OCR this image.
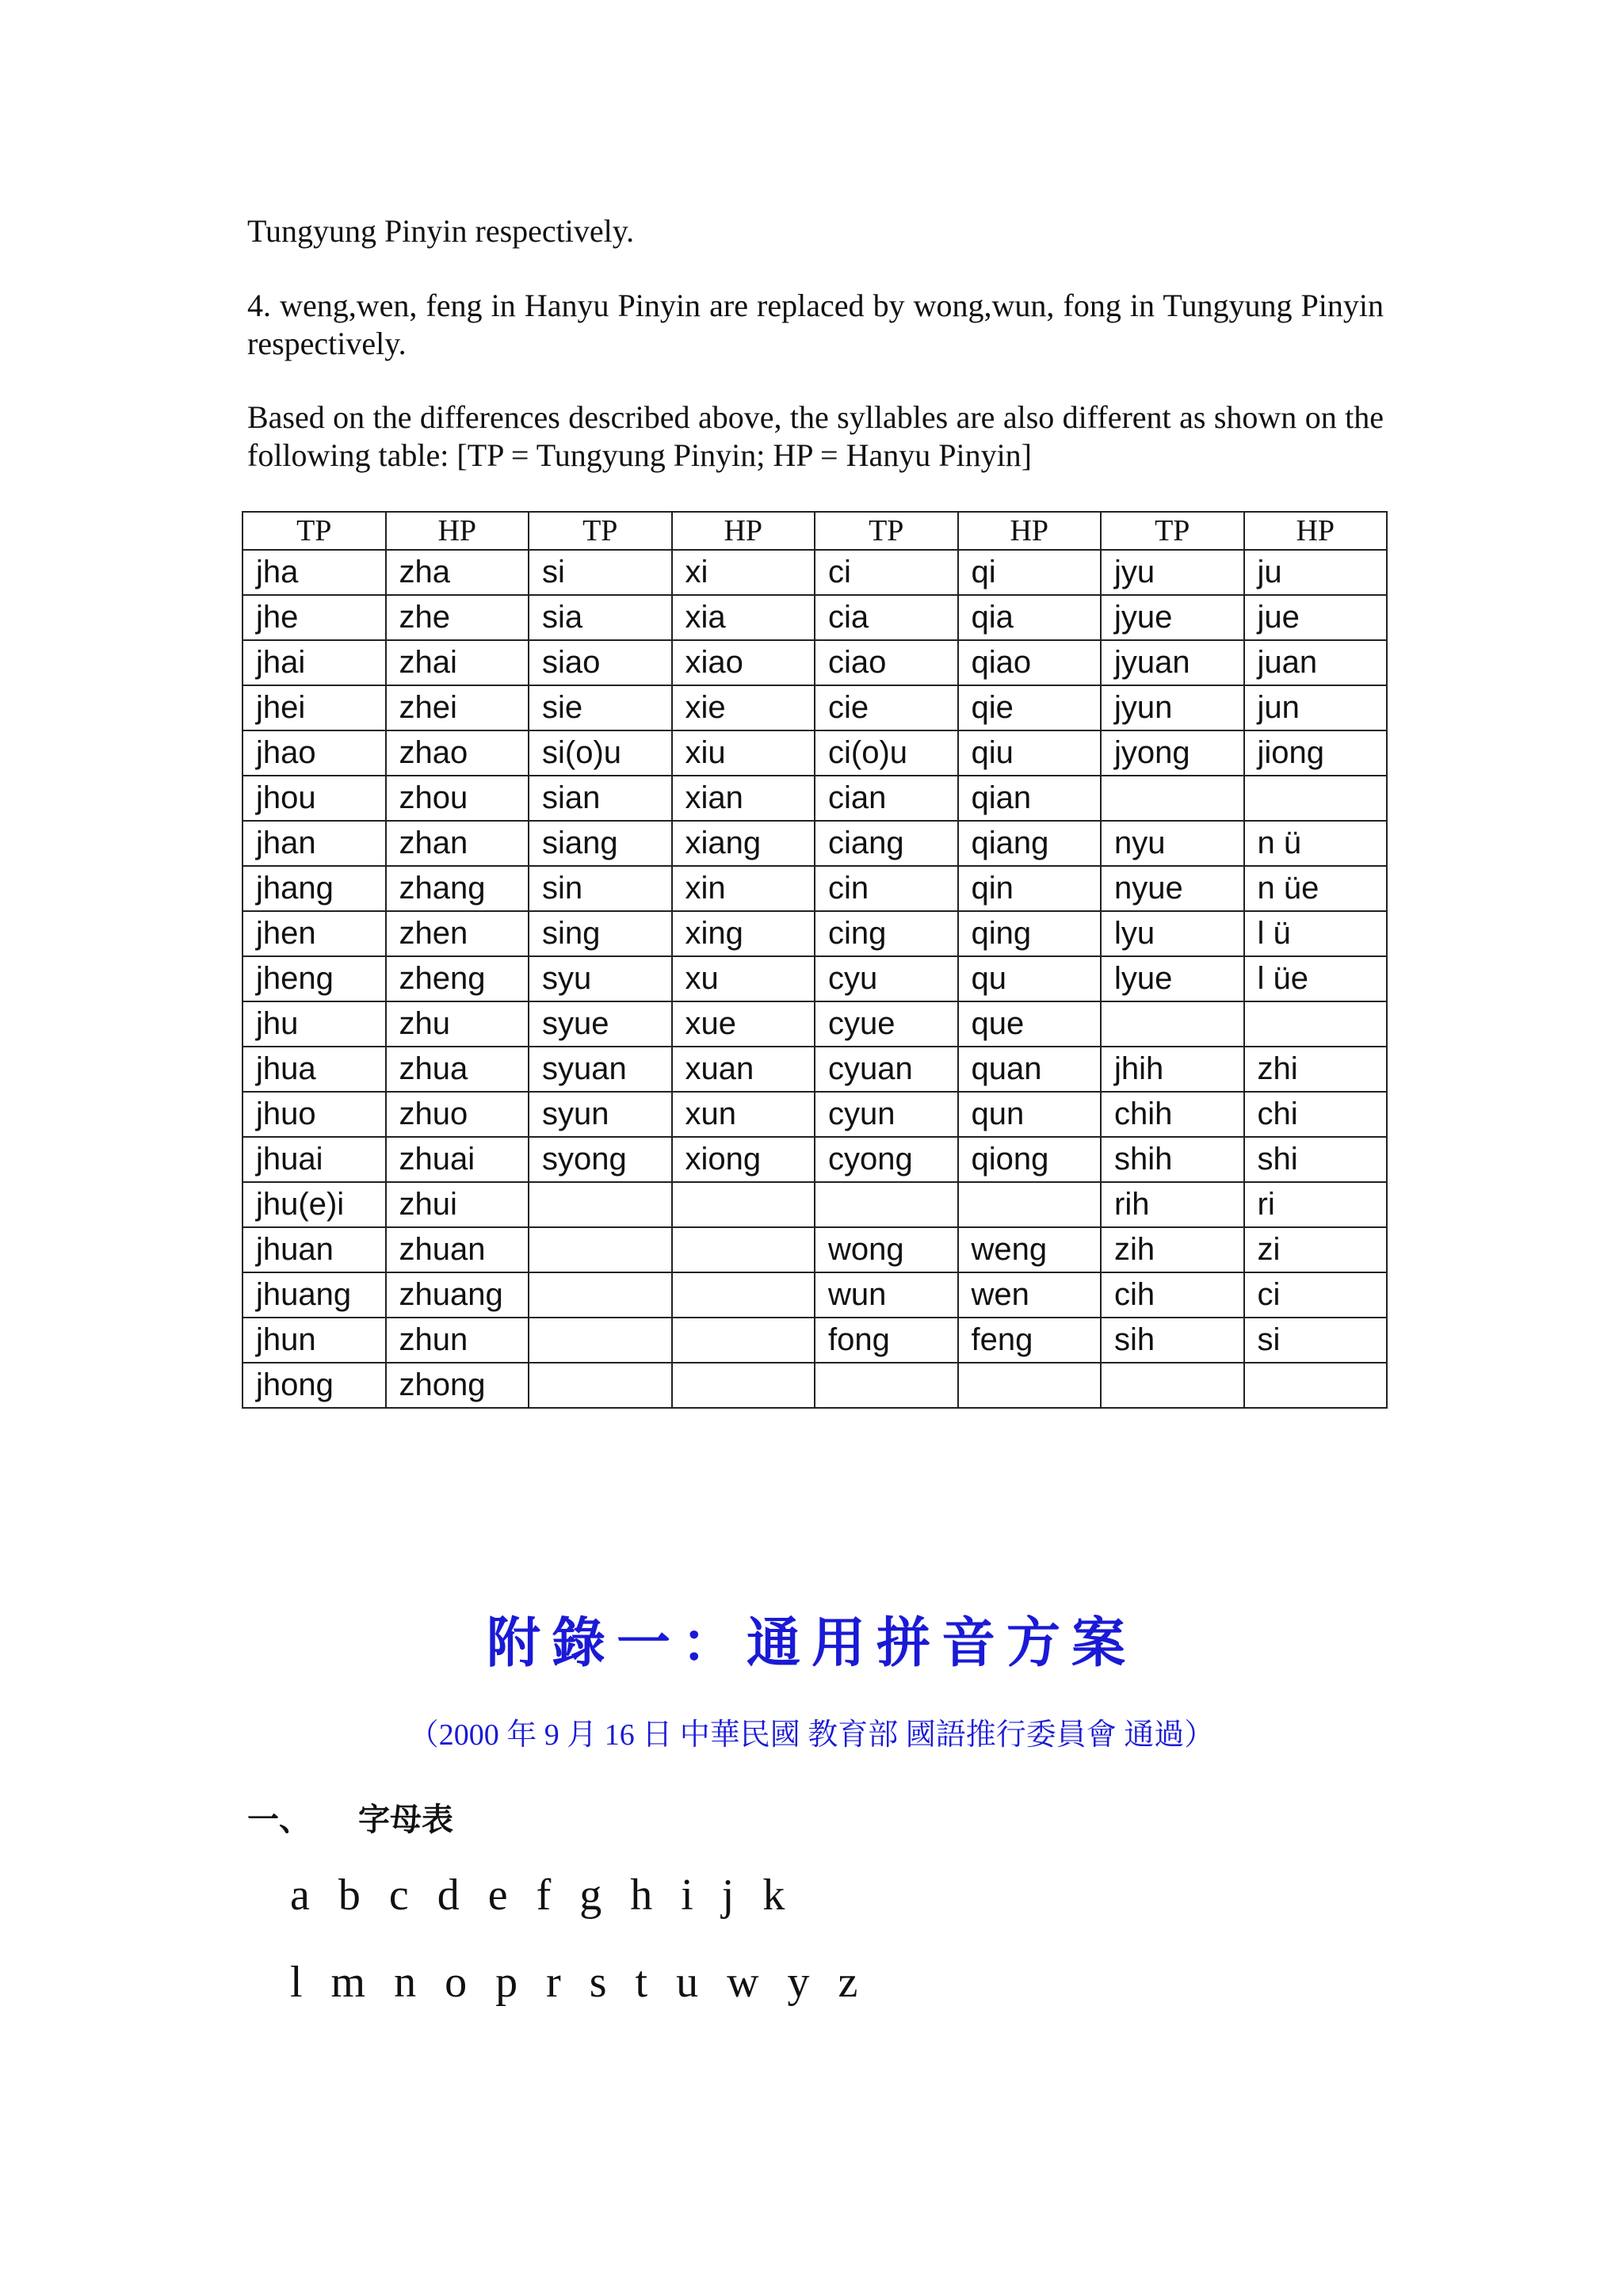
Tungyung Pinyin respectively.
4. weng,wen, feng in Hanyu Pinyin are replaced by wong,wun, fong in Tungyung Pinyin respectively.
Based on the differences described above, the syllables are also different as shown on the following table: [TP = Tungyung Pinyin; HP = Hanyu Pinyin]
TP	HP	TP	HP	TP	HP	TP	HP
jha	zha	si	xi	ci	qi	jyu	ju
jhe	zhe	sia	xia	cia	qia	jyue	jue
jhai	zhai	siao	xiao	ciao	qiao	jyuan	juan
jhei	zhei	sie	xie	cie	qie	jyun	jun
jhao	zhao	si(o)u	xiu	ci(o)u	qiu	jyong	jiong
jhou	zhou	sian	xian	cian	qian		
jhan	zhan	siang	xiang	ciang	qiang	nyu	n ü
jhang	zhang	sin	xin	cin	qin	nyue	n üe
jhen	zhen	sing	xing	cing	qing	lyu	l ü
jheng	zheng	syu	xu	cyu	qu	lyue	l üe
jhu	zhu	syue	xue	cyue	que		
jhua	zhua	syuan	xuan	cyuan	quan	jhih	zhi
jhuo	zhuo	syun	xun	cyun	qun	chih	chi
jhuai	zhuai	syong	xiong	cyong	qiong	shih	shi
jhu(e)i	zhui					rih	ri
jhuan	zhuan			wong	weng	zih	zi
jhuang	zhuang			wun	wen	cih	ci
jhun	zhun			fong	feng	sih	si
jhong	zhong						
附錄一：通用拼音方案
（2000 年 9 月 16 日 中華民國 教育部 國語推行委員會 通過）
一、 字母表
a b c d e f g h i j k
l m n o p r s t u w y z
